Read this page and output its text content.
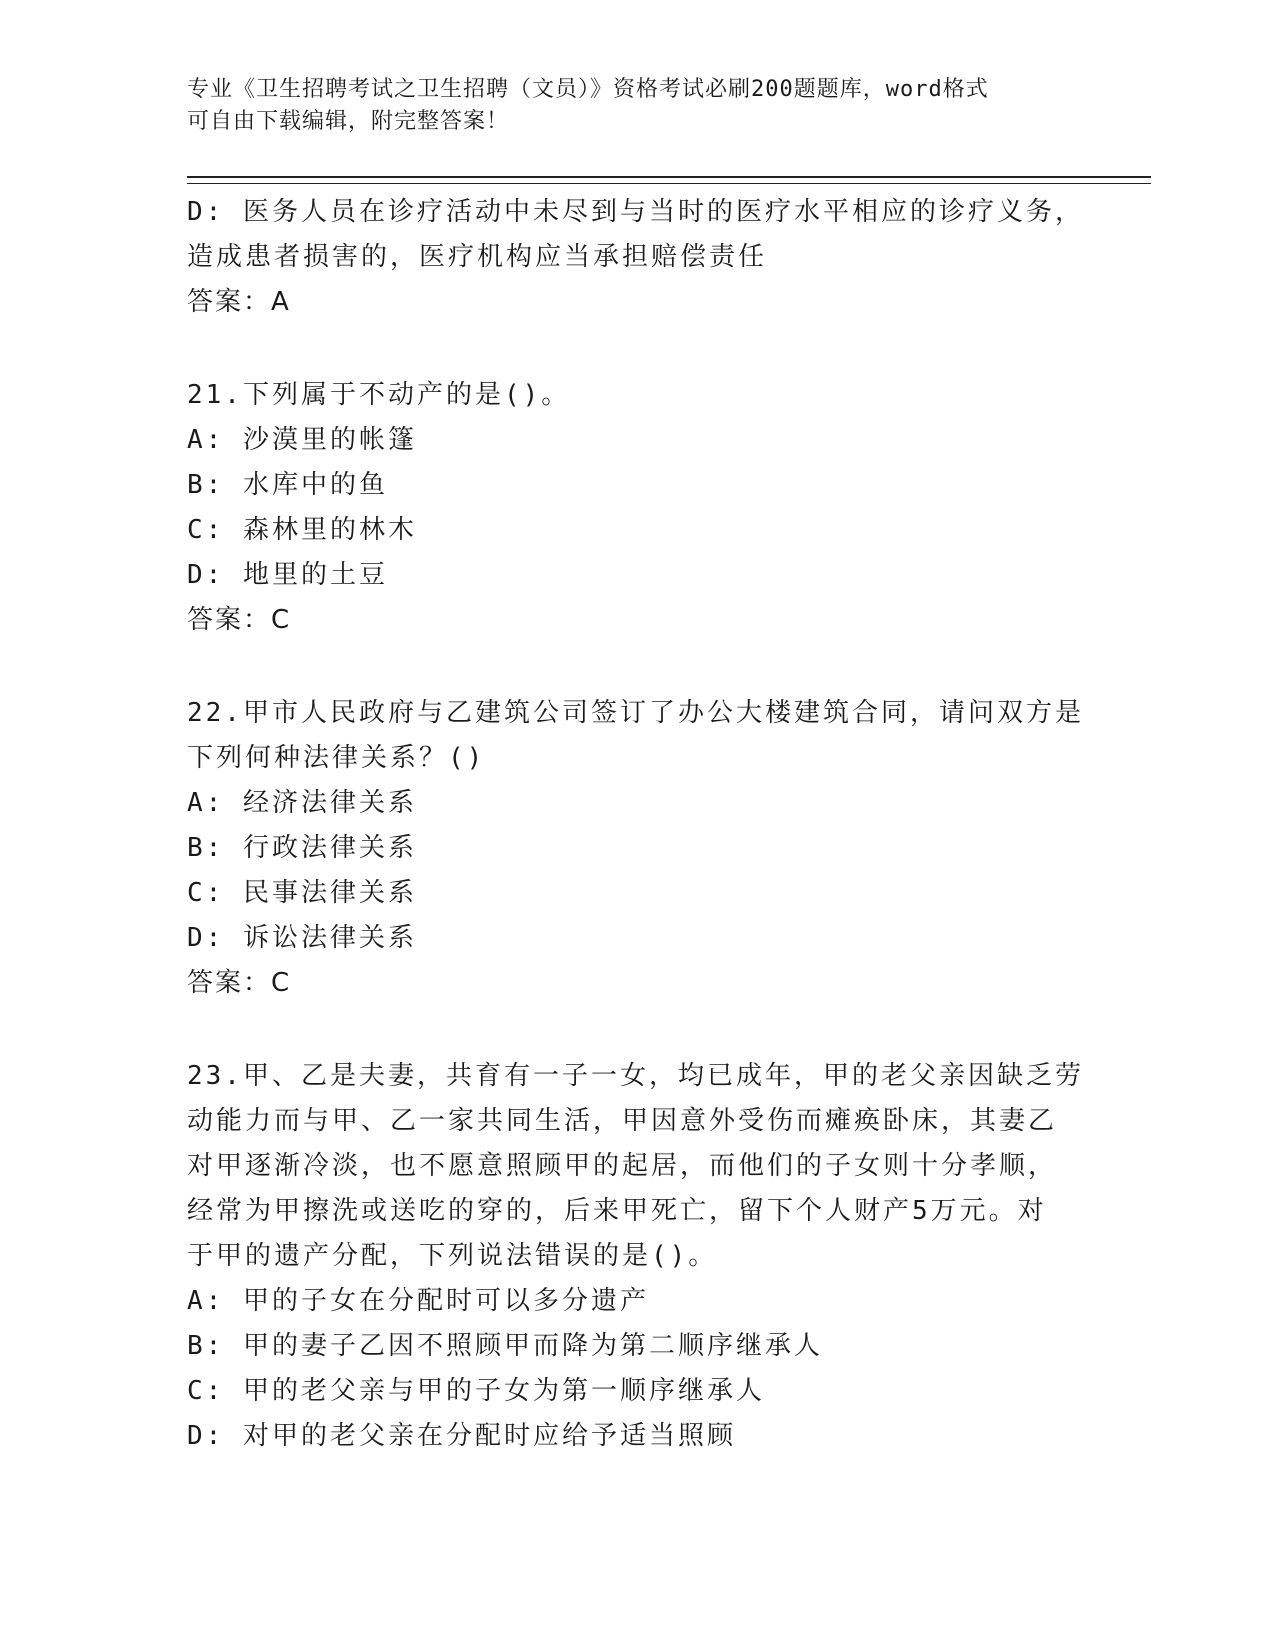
专业《卫生招聘考试之卫生招聘（文员）》资格考试必刷200题题库，word格式
可自由下载编辑，附完整答案！
D: 医务人员在诊疗活动中未尽到与当时的医疗水平相应的诊疗义务，
造成患者损害的，医疗机构应当承担赔偿责任
答案：A
21.下列属于不动产的是()。
A: 沙漠里的帐篷
B: 水库中的鱼
C: 森林里的林木
D: 地里的土豆
答案：C
22.甲市人民政府与乙建筑公司签订了办公大楼建筑合同，请问双方是
下列何种法律关系？()
A: 经济法律关系
B: 行政法律关系
C: 民事法律关系
D: 诉讼法律关系
答案：C
23.甲、乙是夫妻，共育有一子一女，均已成年，甲的老父亲因缺乏劳
动能力而与甲、乙一家共同生活，甲因意外受伤而瘫痪卧床，其妻乙
对甲逐渐冷淡，也不愿意照顾甲的起居，而他们的子女则十分孝顺，
经常为甲擦洗或送吃的穿的，后来甲死亡，留下个人财产5万元。对
于甲的遗产分配，下列说法错误的是()。
A: 甲的子女在分配时可以多分遗产
B: 甲的妻子乙因不照顾甲而降为第二顺序继承人
C: 甲的老父亲与甲的子女为第一顺序继承人
D: 对甲的老父亲在分配时应给予适当照顾
